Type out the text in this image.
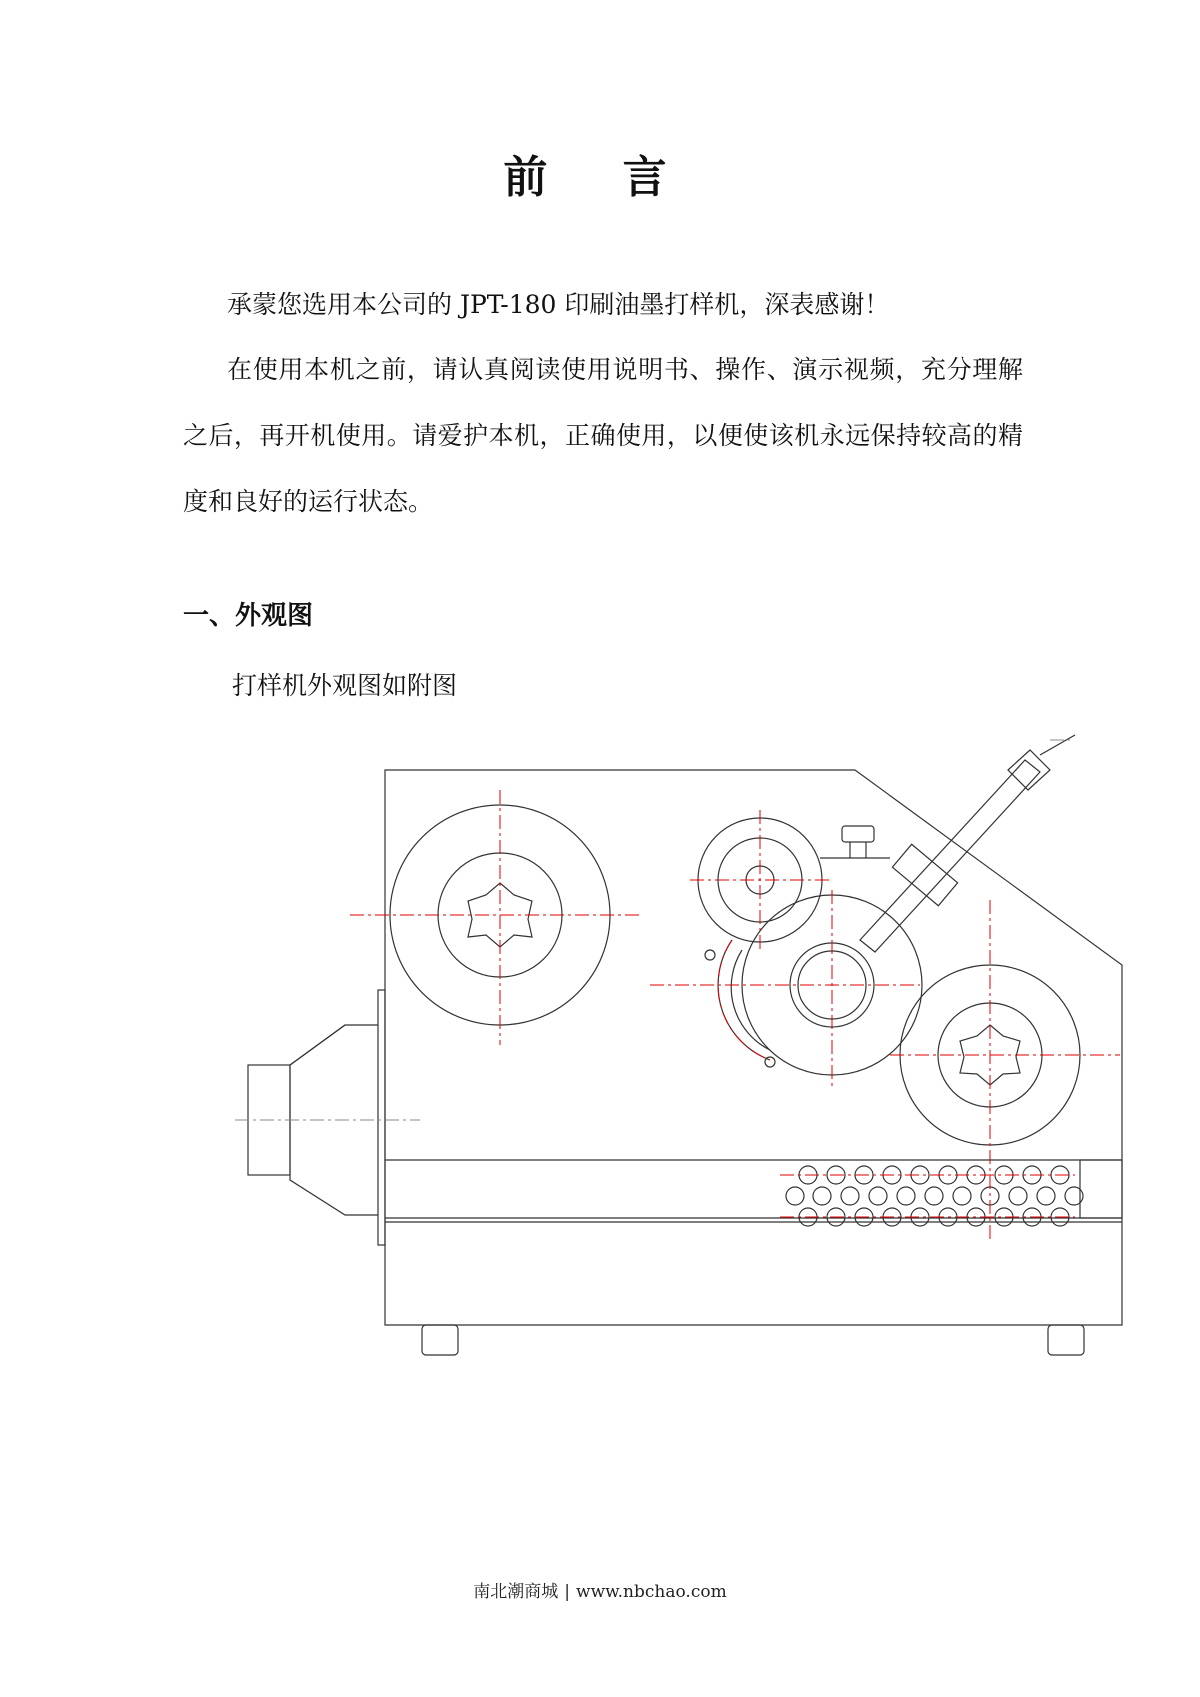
前 言

承蒙您选用本公司的 JPT-180 印刷油墨打样机，深表感谢！

在使用本机之前，请认真阅读使用说明书、操作、演示视频，充分理解之后，再开机使用。请爱护本机，正确使用，以便使该机永远保持较高的精度和良好的运行状态。

一、外观图
打样机外观图如附图
南北潮商城 | www.nbchao.com
